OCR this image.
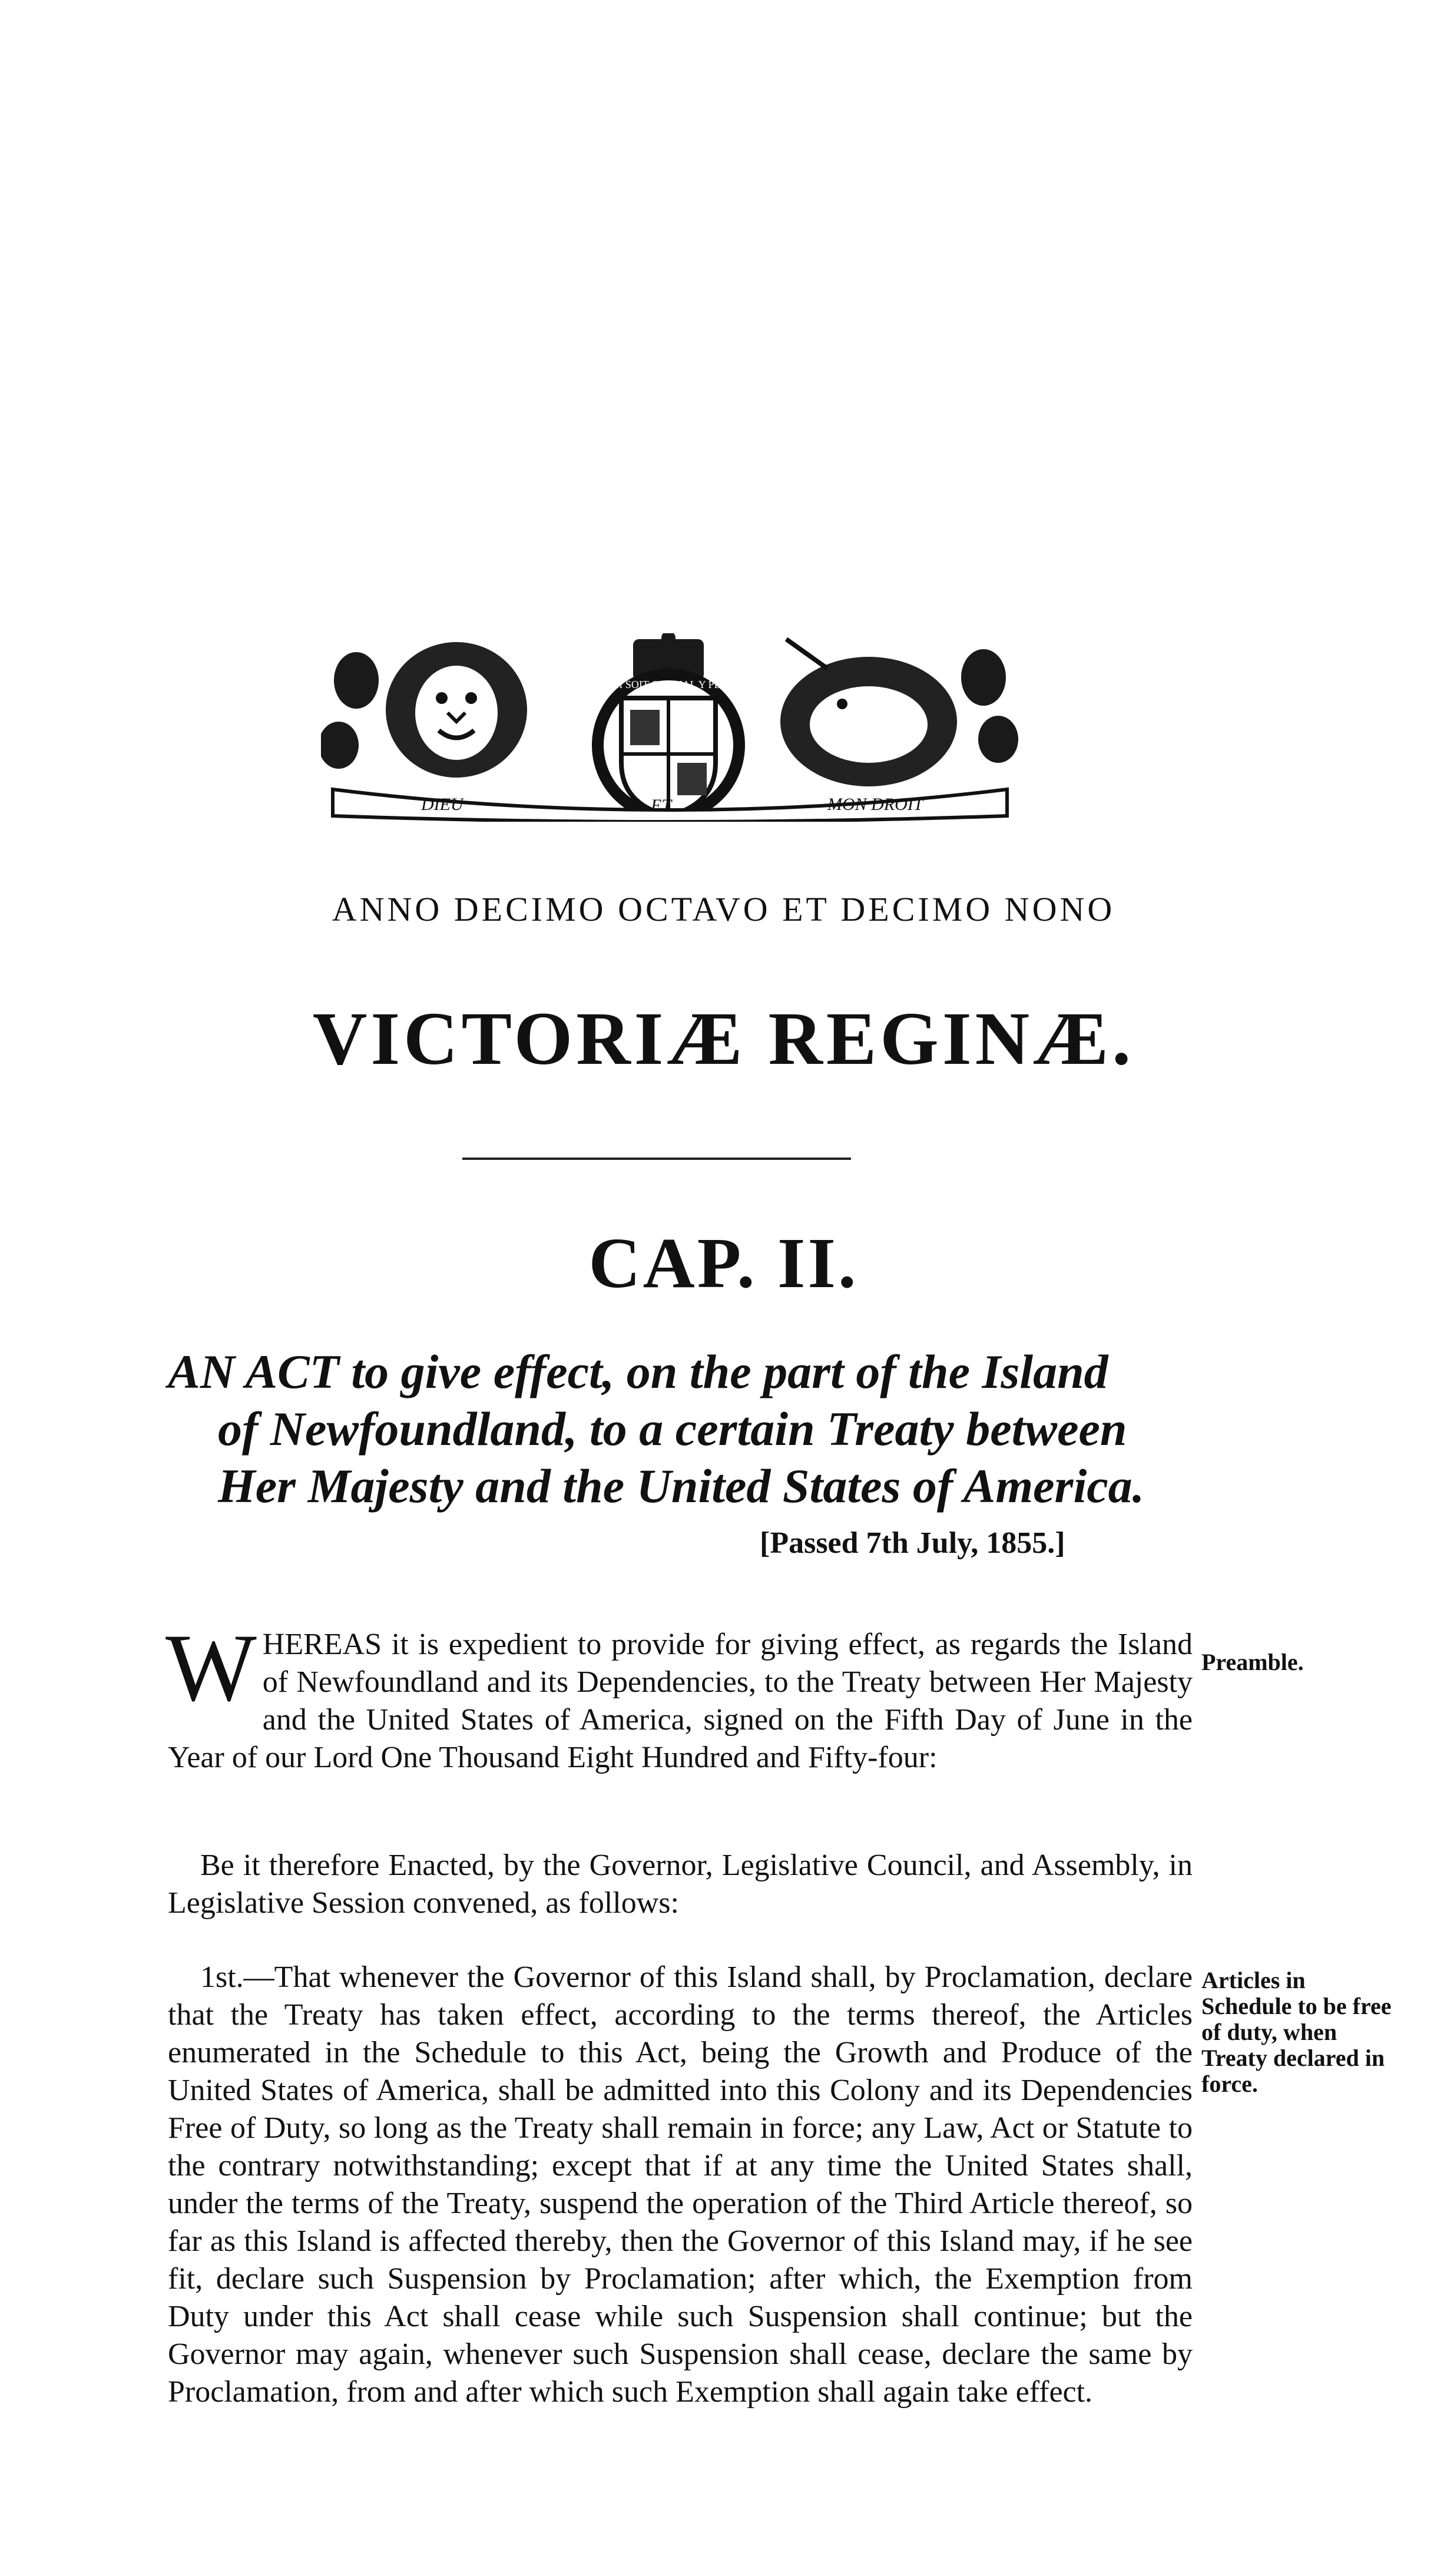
DIEU	ET	MON DROIT
HONI SOIT QUI MAL Y PENSE
ANNO DECIMO OCTAVO ET DECIMO NONO
VICTORIÆ REGINÆ.
CAP. II.
AN ACT to give effect, on the part of the Island
of Newfoundland, to a certain Treaty between
Her Majesty and the United States of America.
[Passed 7th July, 1855.]
WHEREAS it is expedient to provide for giving effect, as regards the Island of Newfoundland and its Dependencies, to the Treaty between Her Majesty and the United States of America, signed on the Fifth Day of June in the Year of our Lord One Thousand Eight Hundred and Fifty-four:
Be it therefore Enacted, by the Governor, Legislative Council, and Assembly, in Legislative Session convened, as follows:
1st.—That whenever the Governor of this Island shall, by Proclamation, declare that the Treaty has taken effect, according to the terms thereof, the Articles enumerated in the Schedule to this Act, being the Growth and Produce of the United States of America, shall be admitted into this Colony and its Dependencies Free of Duty, so long as the Treaty shall remain in force; any Law, Act or Statute to the contrary notwithstanding; except that if at any time the United States shall, under the terms of the Treaty, suspend the operation of the Third Article thereof, so far as this Island is affected thereby, then the Governor of this Island may, if he see fit, declare such Suspension by Proclamation; after which, the Exemption from Duty under this Act shall cease while such Suspension shall continue; but the Governor may again, whenever such Suspension shall cease, declare the same by Proclamation, from and after which such Exemption shall again take effect.
Preamble.
Articles in Schedule to be free of duty, when Treaty declared in force.
